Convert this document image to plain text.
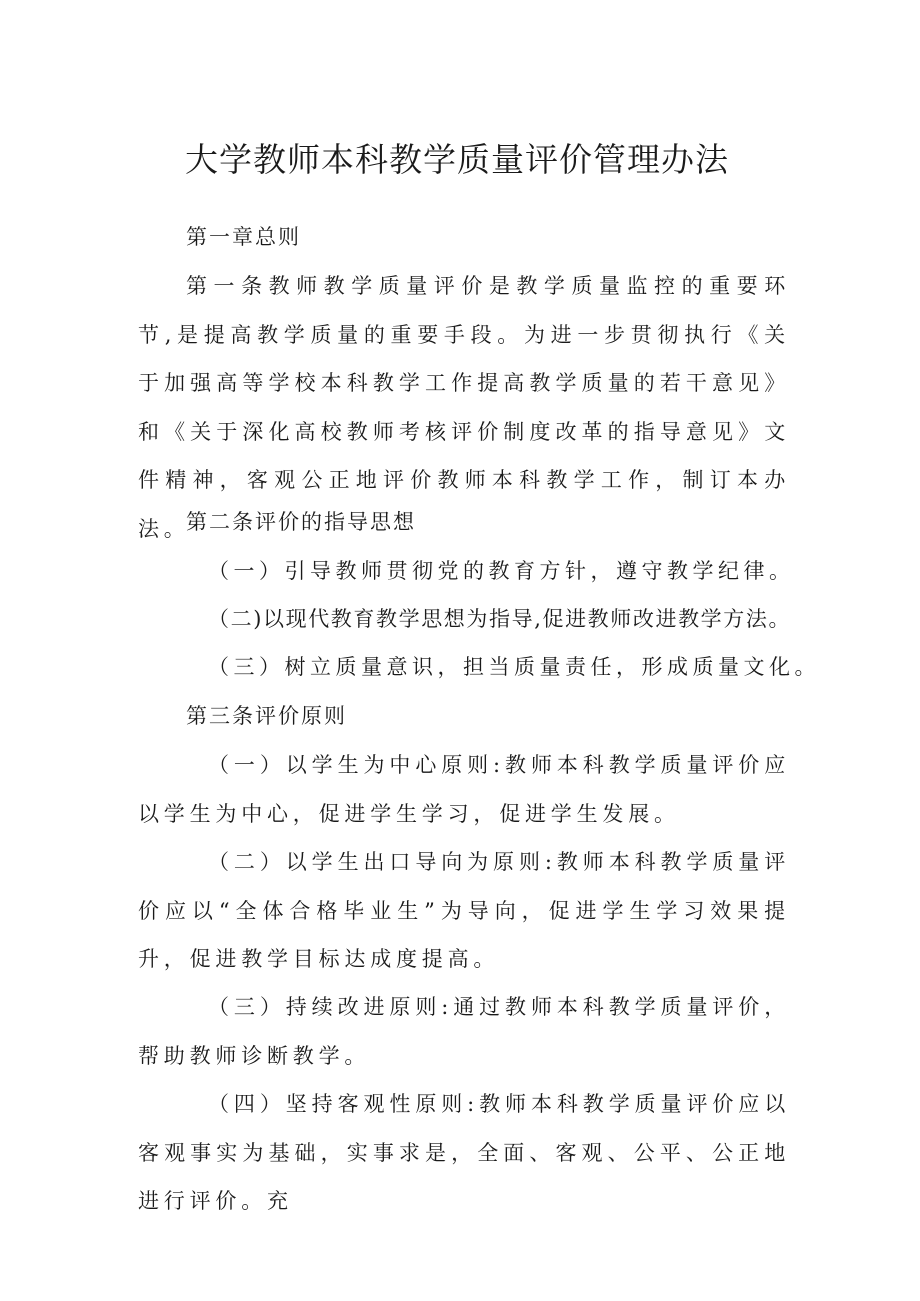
大学教师本科教学质量评价管理办法

第一章总则

第一条教师教学质量评价是教学质量监控的重要环节,是提高教学质量的重要手段。为进一步贯彻执行《关于加强高等学校本科教学工作提高教学质量的若干意见》和《关于深化高校教师考核评价制度改革的指导意见》文件精神，客观公正地评价教师本科教学工作，制订本办法。

第二条评价的指导思想

（一）引导教师贯彻党的教育方针，遵守教学纪律。

（二)以现代教育教学思想为指导,促进教师改进教学方法。

（三）树立质量意识，担当质量责任，形成质量文化。

第三条评价原则

（一）以学生为中心原则:教师本科教学质量评价应以学生为中心，促进学生学习，促进学生发展。

（二）以学生出口导向为原则:教师本科教学质量评价应以“全体合格毕业生”为导向，促进学生学习效果提升，促进教学目标达成度提高。

（三）持续改进原则:通过教师本科教学质量评价，帮助教师诊断教学。

（四）坚持客观性原则:教师本科教学质量评价应以客观事实为基础，实事求是，全面、客观、公平、公正地进行评价。充
